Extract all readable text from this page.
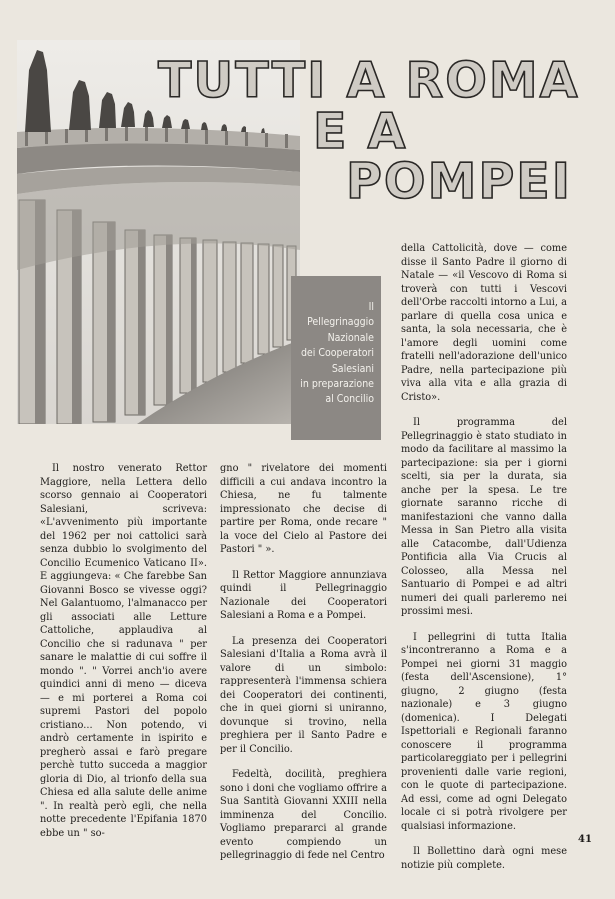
TUTTI A ROMA
E A
POMPEI
Il
Pellegrinaggio
Nazionale
dei Cooperatori
Salesiani
in preparazione
al Concilio

Il nostro venerato Rettor Maggiore, nella Lettera dello scorso gennaio ai Cooperatori Salesiani, scriveva: «L'avvenimento più importante del 1962 per noi cattolici sarà senza dubbio lo svolgimento del Concilio Ecumenico Vaticano II». E aggiungeva: « Che farebbe San Giovanni Bosco se vivesse oggi? Nel Galantuomo, l'almanacco per gli associati alle Letture Cattoliche, applaudiva al Concilio che si radunava " per sanare le malattie di cui soffre il mondo ". " Vorrei anch'io avere quindici anni di meno — diceva — e mi porterei a Roma coi supremi Pastori del popolo cristiano... Non potendo, vi andrò certamente in ispirito e pregherò assai e farò pregare perchè tutto succeda a maggior gloria di Dio, al trionfo della sua Chiesa ed alla salute delle anime ". In realtà però egli, che nella notte precedente l'Epifania 1870 ebbe un " so-

gno " rivelatore dei momenti difficili a cui andava incontro la Chiesa, ne fu talmente impressionato che decise di partire per Roma, onde recare " la voce del Cielo al Pastore dei Pastori " ».

Il Rettor Maggiore annunziava quindi il Pellegrinaggio Nazionale dei Cooperatori Salesiani a Roma e a Pompei.

La presenza dei Cooperatori Salesiani d'Italia a Roma avrà il valore di un simbolo: rappresenterà l'immensa schiera dei Cooperatori dei continenti, che in quei giorni si uniranno, dovunque si trovino, nella preghiera per il Santo Padre e per il Concilio.

Fedeltà, docilità, preghiera sono i doni che vogliamo offrire a Sua Santità Giovanni XXIII nella imminenza del Concilio. Vogliamo prepararci al grande evento compiendo un pellegrinaggio di fede nel Centro

della Cattolicità, dove — come disse il Santo Padre il giorno di Natale — «il Vescovo di Roma si troverà con tutti i Vescovi dell'Orbe raccolti intorno a Lui, a parlare di quella cosa unica e santa, la sola necessaria, che è l'amore degli uomini come fratelli nell'adorazione dell'unico Padre, nella partecipazione più viva alla vita e alla grazia di Cristo».

Il programma del Pellegrinaggio è stato studiato in modo da facilitare al massimo la partecipazione: sia per i giorni scelti, sia per la durata, sia anche per la spesa. Le tre giornate saranno ricche di manifestazioni che vanno dalla Messa in San Pietro alla visita alle Catacombe, dall'Udienza Pontificia alla Via Crucis al Colosseo, alla Messa nel Santuario di Pompei e ad altri numeri dei quali parleremo nei prossimi mesi.

I pellegrini di tutta Italia s'incontreranno a Roma e a Pompei nei giorni 31 maggio (festa dell'Ascensione), 1° giugno, 2 giugno (festa nazionale) e 3 giugno (domenica). I Delegati Ispettoriali e Regionali faranno conoscere il programma particolareggiato per i pellegrini provenienti dalle varie regioni, con le quote di partecipazione. Ad essi, come ad ogni Delegato locale ci si potrà rivolgere per qualsiasi informazione.

Il Bollettino darà ogni mese notizie più complete.

41
